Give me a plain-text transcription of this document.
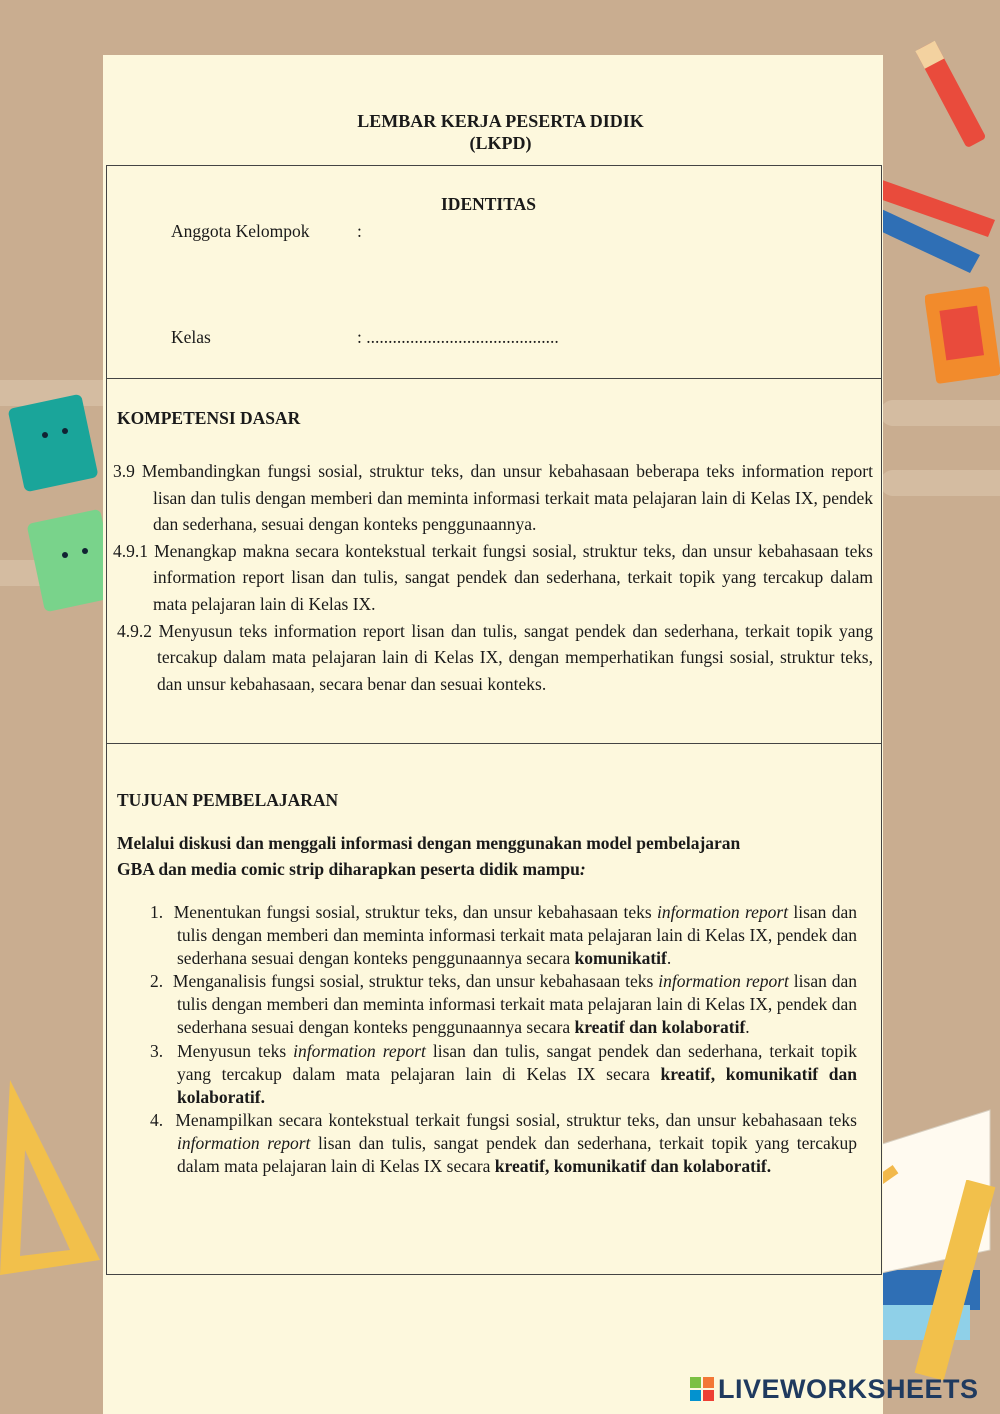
LEMBAR KERJA PESERTA DIDIK
(LKPD)
IDENTITAS
Anggota Kelompok	:
Kelas	: ............................................
KOMPETENSI DASAR
3.9 Membandingkan fungsi sosial, struktur teks, dan unsur kebahasaan beberapa teks information report lisan dan tulis dengan memberi dan meminta informasi terkait mata pelajaran lain di Kelas IX, pendek dan sederhana, sesuai dengan konteks penggunaannya.
4.9.1 Menangkap makna secara kontekstual terkait fungsi sosial, struktur teks, dan unsur kebahasaan teks information report lisan dan tulis, sangat pendek dan sederhana, terkait topik yang tercakup dalam mata pelajaran lain di Kelas IX.
4.9.2 Menyusun teks information report lisan dan tulis, sangat pendek dan sederhana, terkait topik yang tercakup dalam mata pelajaran lain di Kelas IX, dengan memperhatikan fungsi sosial, struktur teks, dan unsur kebahasaan, secara benar dan sesuai konteks.
TUJUAN PEMBELAJARAN
Melalui diskusi dan menggali informasi dengan menggunakan model pembelajaran
GBA dan media comic strip diharapkan peserta didik mampu:
1. Menentukan fungsi sosial, struktur teks, dan unsur kebahasaan teks information report lisan dan tulis dengan memberi dan meminta informasi terkait mata pelajaran lain di Kelas IX, pendek dan sederhana sesuai dengan konteks penggunaannya secara komunikatif.
2. Menganalisis fungsi sosial, struktur teks, dan unsur kebahasaan teks information report lisan dan tulis dengan memberi dan meminta informasi terkait mata pelajaran lain di Kelas IX, pendek dan sederhana sesuai dengan konteks penggunaannya secara kreatif dan kolaboratif.
3. Menyusun teks information report lisan dan tulis, sangat pendek dan sederhana, terkait topik yang tercakup dalam mata pelajaran lain di Kelas IX secara kreatif, komunikatif dan kolaboratif.
4. Menampilkan secara kontekstual terkait fungsi sosial, struktur teks, dan unsur kebahasaan teks information report lisan dan tulis, sangat pendek dan sederhana, terkait topik yang tercakup dalam mata pelajaran lain di Kelas IX secara kreatif, komunikatif dan kolaboratif.
LIVEWORKSHEETS
